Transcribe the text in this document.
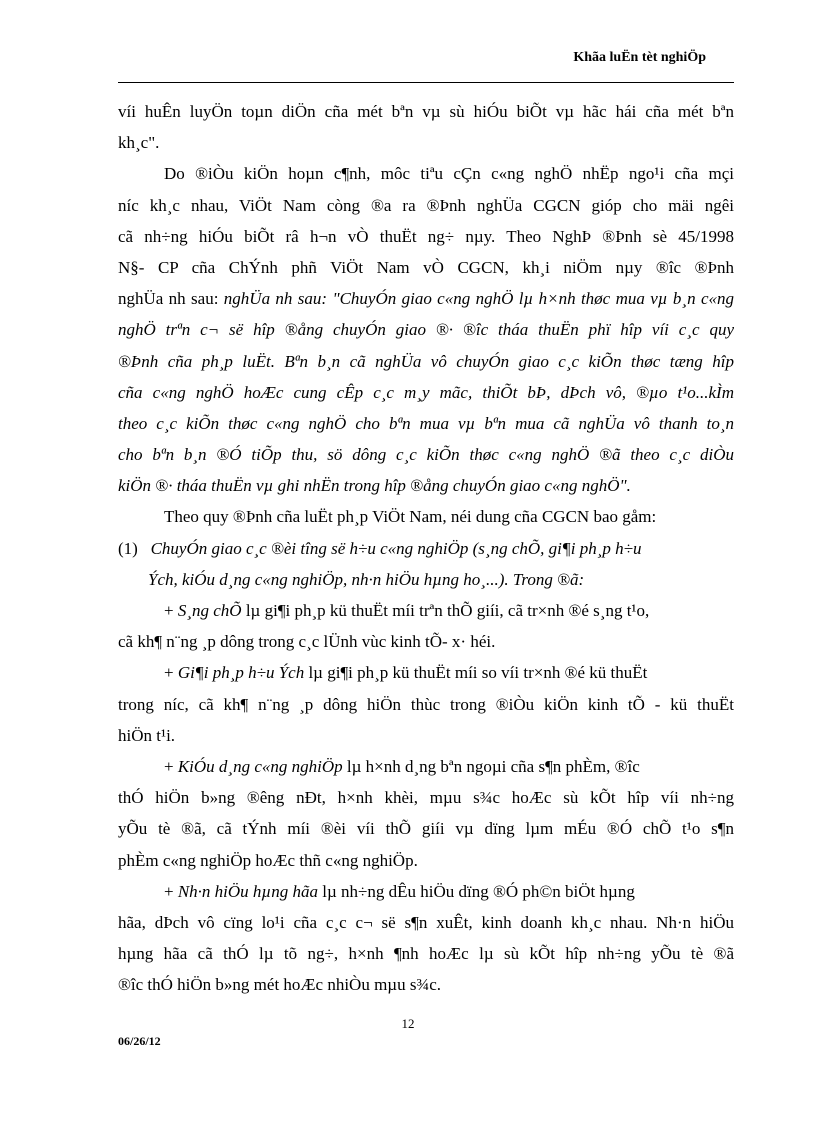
Khãa luËn tèt nghiÖp
víi huÊn luyÖn toµn diÖn cña mét bªn vµ sù hiÓu biÕt vµ hãc hái cña mét bªn
kh¸c".
Do ®iÒu kiÖn hoµn c¶nh, môc tiªu cÇn c«ng nghÖ nhËp ngo¹i cña mçi
níc kh¸c nhau, ViÖt Nam còng ®a ra ®Þnh nghÜa CGCN gióp cho mäi ngêi
cã nh÷ng hiÓu biÕt râ h¬n vÒ thuËt ng÷ nµy. Theo NghÞ ®Þnh sè 45/1998
N§- CP cña ChÝnh phñ ViÖt Nam vÒ CGCN, kh¸i niÖm nµy ®îc ®Þnh
nghÜa nh sau: nghÜa nh sau: "ChuyÓn giao c«ng nghÖ lµ h×nh thøc mua vµ b¸n c«ng
nghÖ trªn c¬ së hîp ®ång chuyÓn giao ®· ®îc tháa thuËn phï hîp víi c¸c quy
®Þnh cña ph¸p luËt. Bªn b¸n cã nghÜa vô chuyÓn giao c¸c kiÕn thøc tæng hîp
cña c«ng nghÖ hoÆc cung cÊp c¸c m¸y mãc, thiÕt bÞ, dÞch vô, ®µo t¹o...kÌm
theo c¸c kiÕn thøc c«ng nghÖ cho bªn mua vµ bªn mua cã nghÜa vô thanh to¸n
cho bªn b¸n ®Ó tiÕp thu, sö dông c¸c kiÕn thøc c«ng nghÖ ®ã theo c¸c diÒu
kiÖn ®· tháa thuËn vµ ghi nhËn trong hîp ®ång chuyÓn giao c«ng nghÖ".
Theo quy ®Þnh cña luËt ph¸p ViÖt Nam, néi dung cña CGCN bao gåm:
(1) ChuyÓn giao c¸c ®èi tîng së h÷u c«ng nghiÖp (s¸ng chÕ, gi¶i ph¸p h÷u
Ých, kiÓu d¸ng c«ng nghiÖp, nh·n hiÖu hµng ho¸...). Trong ®ã:
+ S¸ng chÕ lµ gi¶i ph¸p kü thuËt míi trªn thÕ giíi, cã tr×nh ®é s¸ng t¹o,
cã kh¶ n¨ng ¸p dông trong c¸c lÜnh vùc kinh tÕ- x· héi.
+ Gi¶i ph¸p h÷u Ých lµ gi¶i ph¸p kü thuËt míi so víi tr×nh ®é kü thuËt
trong níc, cã kh¶ n¨ng ¸p dông hiÖn thùc trong ®iÒu kiÖn kinh tÕ - kü thuËt
hiÖn t¹i.
+ KiÓu d¸ng c«ng nghiÖp lµ h×nh d¸ng bªn ngoµi cña s¶n phÈm, ®îc
thÓ hiÖn b»ng ®êng nÐt, h×nh khèi, mµu s¾c hoÆc sù kÕt hîp víi nh÷ng
yÕu tè ®ã, cã tÝnh míi ®èi víi thÕ giíi vµ dïng lµm mÉu ®Ó chÕ t¹o s¶n
phÈm c«ng nghiÖp hoÆc thñ c«ng nghiÖp.
+ Nh·n hiÖu hµng hãa lµ nh÷ng dÊu hiÖu dïng ®Ó ph©n biÖt hµng
hãa, dÞch vô cïng lo¹i cña c¸c c¬ së s¶n xuÊt, kinh doanh kh¸c nhau. Nh·n hiÖu
hµng hãa cã thÓ lµ tõ ng÷, h×nh ¶nh hoÆc lµ sù kÕt hîp nh÷ng yÕu tè ®ã
®îc thÓ hiÖn b»ng mét hoÆc nhiÒu mµu s¾c.
12
06/26/12
